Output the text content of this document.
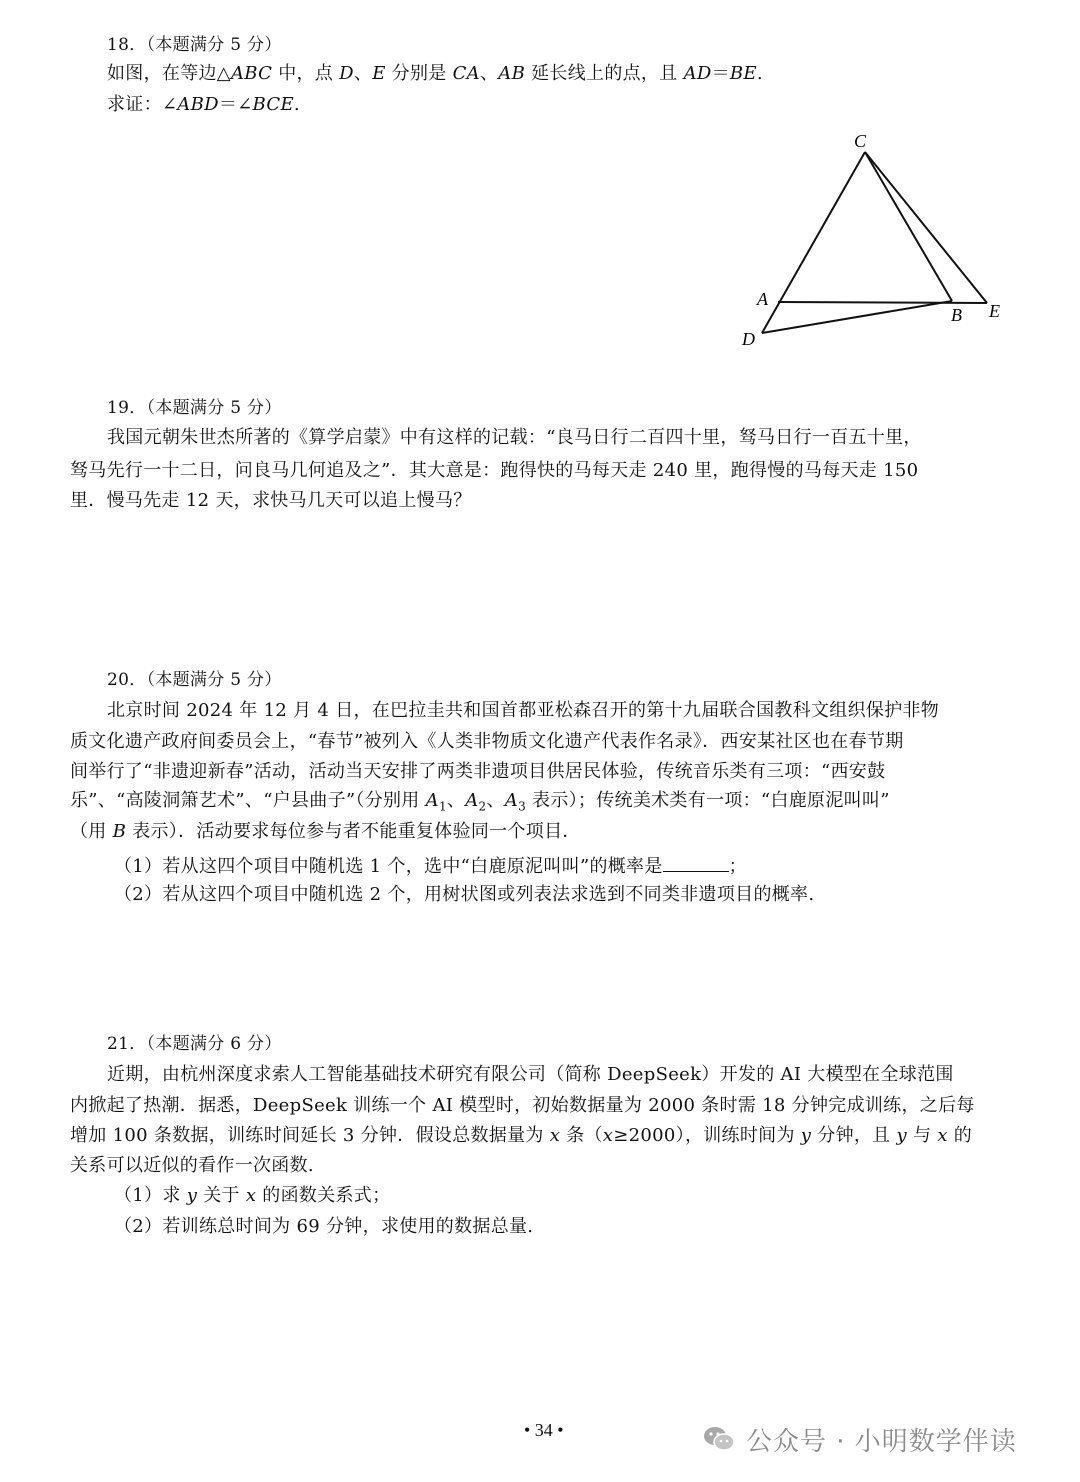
18．（本题满分 5 分）
如图，在等边△ABC 中，点 D、E 分别是 CA、AB 延长线上的点，且 AD＝BE.
求证：∠ABD＝∠BCE.
C
A
B E
D
19．（本题满分 5 分）
我国元朝朱世杰所著的《算学启蒙》中有这样的记载：“良马日行二百四十里，驽马日行一百五十里，
驽马先行一十二日，问良马几何追及之”．其大意是：跑得快的马每天走 240 里，跑得慢的马每天走 150
里．慢马先走 12 天，求快马几天可以追上慢马？
20．（本题满分 5 分）
北京时间 2024 年 12 月 4 日，在巴拉圭共和国首都亚松森召开的第十九届联合国教科文组织保护非物
质文化遗产政府间委员会上，“春节”被列入《人类非物质文化遗产代表作名录》．西安某社区也在春节期
间举行了“非遗迎新春”活动，活动当天安排了两类非遗项目供居民体验，传统音乐类有三项：“西安鼓
乐”、“高陵洞箫艺术”、“户县曲子”（分别用 $A_1$、$A_2$、$A_3$ 表示）；传统美术类有一项：“白鹿原泥叫叫”
（用 B 表示）．活动要求每位参与者不能重复体验同一个项目．
（1）若从这四个项目中随机选 1 个，选中“白鹿原泥叫叫”的概率是	；
（2）若从这四个项目中随机选 2 个，用树状图或列表法求选到不同类非遗项目的概率.
21．（本题满分 6 分）
近期，由杭州深度求索人工智能基础技术研究有限公司（简称 DeepSeek）开发的 AI 大模型在全球范围
内掀起了热潮．据悉，DeepSeek 训练一个 AI 模型时，初始数据量为 2000 条时需 18 分钟完成训练，之后每
增加 100 条数据，训练时间延长 3 分钟．假设总数据量为 x 条（x≥2000），训练时间为 y 分钟，且 y 与 x 的
关系可以近似的看作一次函数.
（1）求 y 关于 x 的函数关系式；
（2）若训练总时间为 69 分钟，求使用的数据总量.
• 34 •	公众号 · 小明数学伴读
